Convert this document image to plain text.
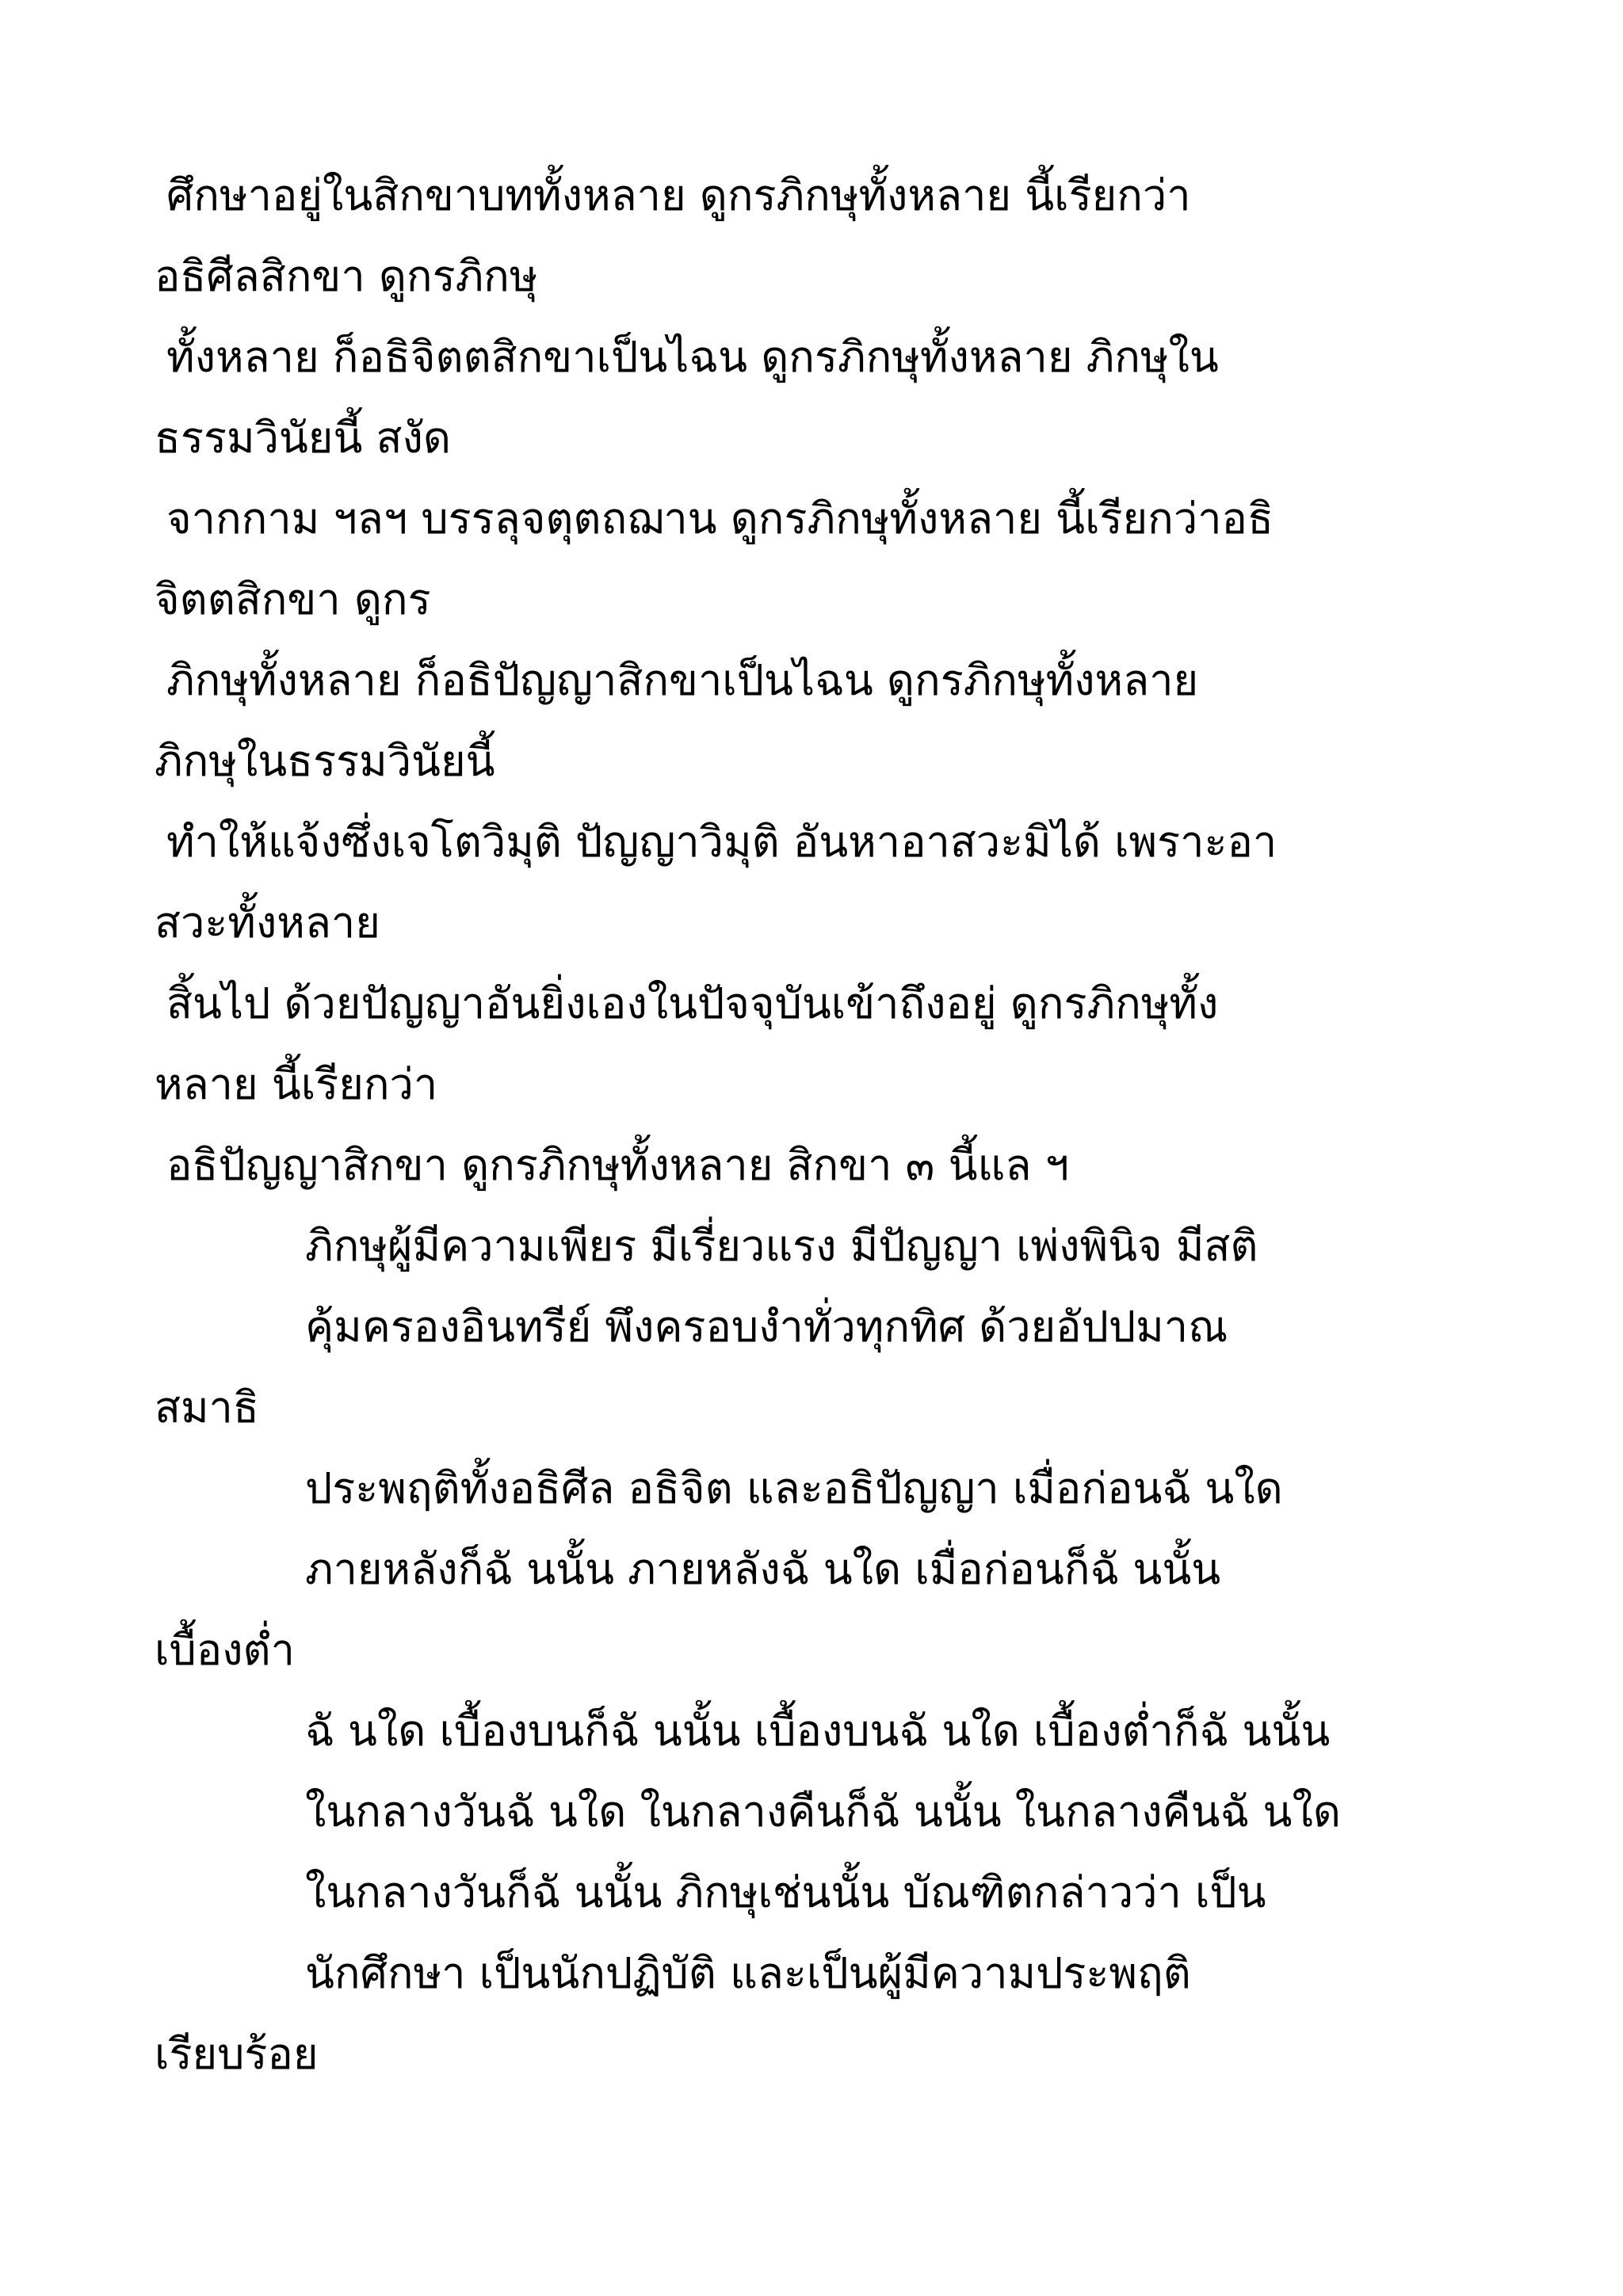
ศึกษาอยู่ในสิกขาบททั้งหลาย ดูกรภิกษุทั้งหลาย นี้เรียกว่า
อธิศีลสิกขา ดูกรภิกษุ
ทั้งหลาย ก็อธิจิตตสิกขาเป็นไฉน ดูกรภิกษุทั้งหลาย ภิกษุใน
ธรรมวินัยนี้ สงัด
จากกาม ฯลฯ บรรลุจตุตถฌาน ดูกรภิกษุทั้งหลาย นี้เรียกว่าอธิ
จิตตสิกขา ดูกร
ภิกษุทั้งหลาย ก็อธิปัญญาสิกขาเป็นไฉน ดูกรภิกษุทั้งหลาย
ภิกษุในธรรมวินัยนี้
ทำให้แจ้งซึ่งเจโตวิมุติ ปัญญาวิมุติ อันหาอาสวะมิได้ เพราะอา
สวะทั้งหลาย
สิ้นไป ด้วยปัญญาอันยิ่งเองในปัจจุบันเข้าถึงอยู่ ดูกรภิกษุทั้ง
หลาย นี้เรียกว่า
อธิปัญญาสิกขา ดูกรภิกษุทั้งหลาย สิกขา ๓ นี้แล ฯ
ภิกษุผู้มีความเพียร มีเรี่ยวแรง มีปัญญา เพ่งพินิจ มีสติ
คุ้มครองอินทรีย์ พึงครอบงำทั่วทุกทิศ ด้วยอัปปมาณ
สมาธิ
ประพฤติทั้งอธิศีล อธิจิต และอธิปัญญา เมื่อก่อนฉั นใด
ภายหลังก็ฉั นนั้น ภายหลังฉั นใด เมื่อก่อนก็ฉั นนั้น
เบื้องต่ำ
ฉั นใด เบื้องบนก็ฉั นนั้น เบื้องบนฉั นใด เบื้องต่ำก็ฉั นนั้น
ในกลางวันฉั นใด ในกลางคืนก็ฉั นนั้น ในกลางคืนฉั นใด
ในกลางวันก็ฉั นนั้น ภิกษุเช่นนั้น บัณฑิตกล่าวว่า เป็น
นักศึกษา เป็นนักปฏิบัติ และเป็นผู้มีความประพฤติ
เรียบร้อย
